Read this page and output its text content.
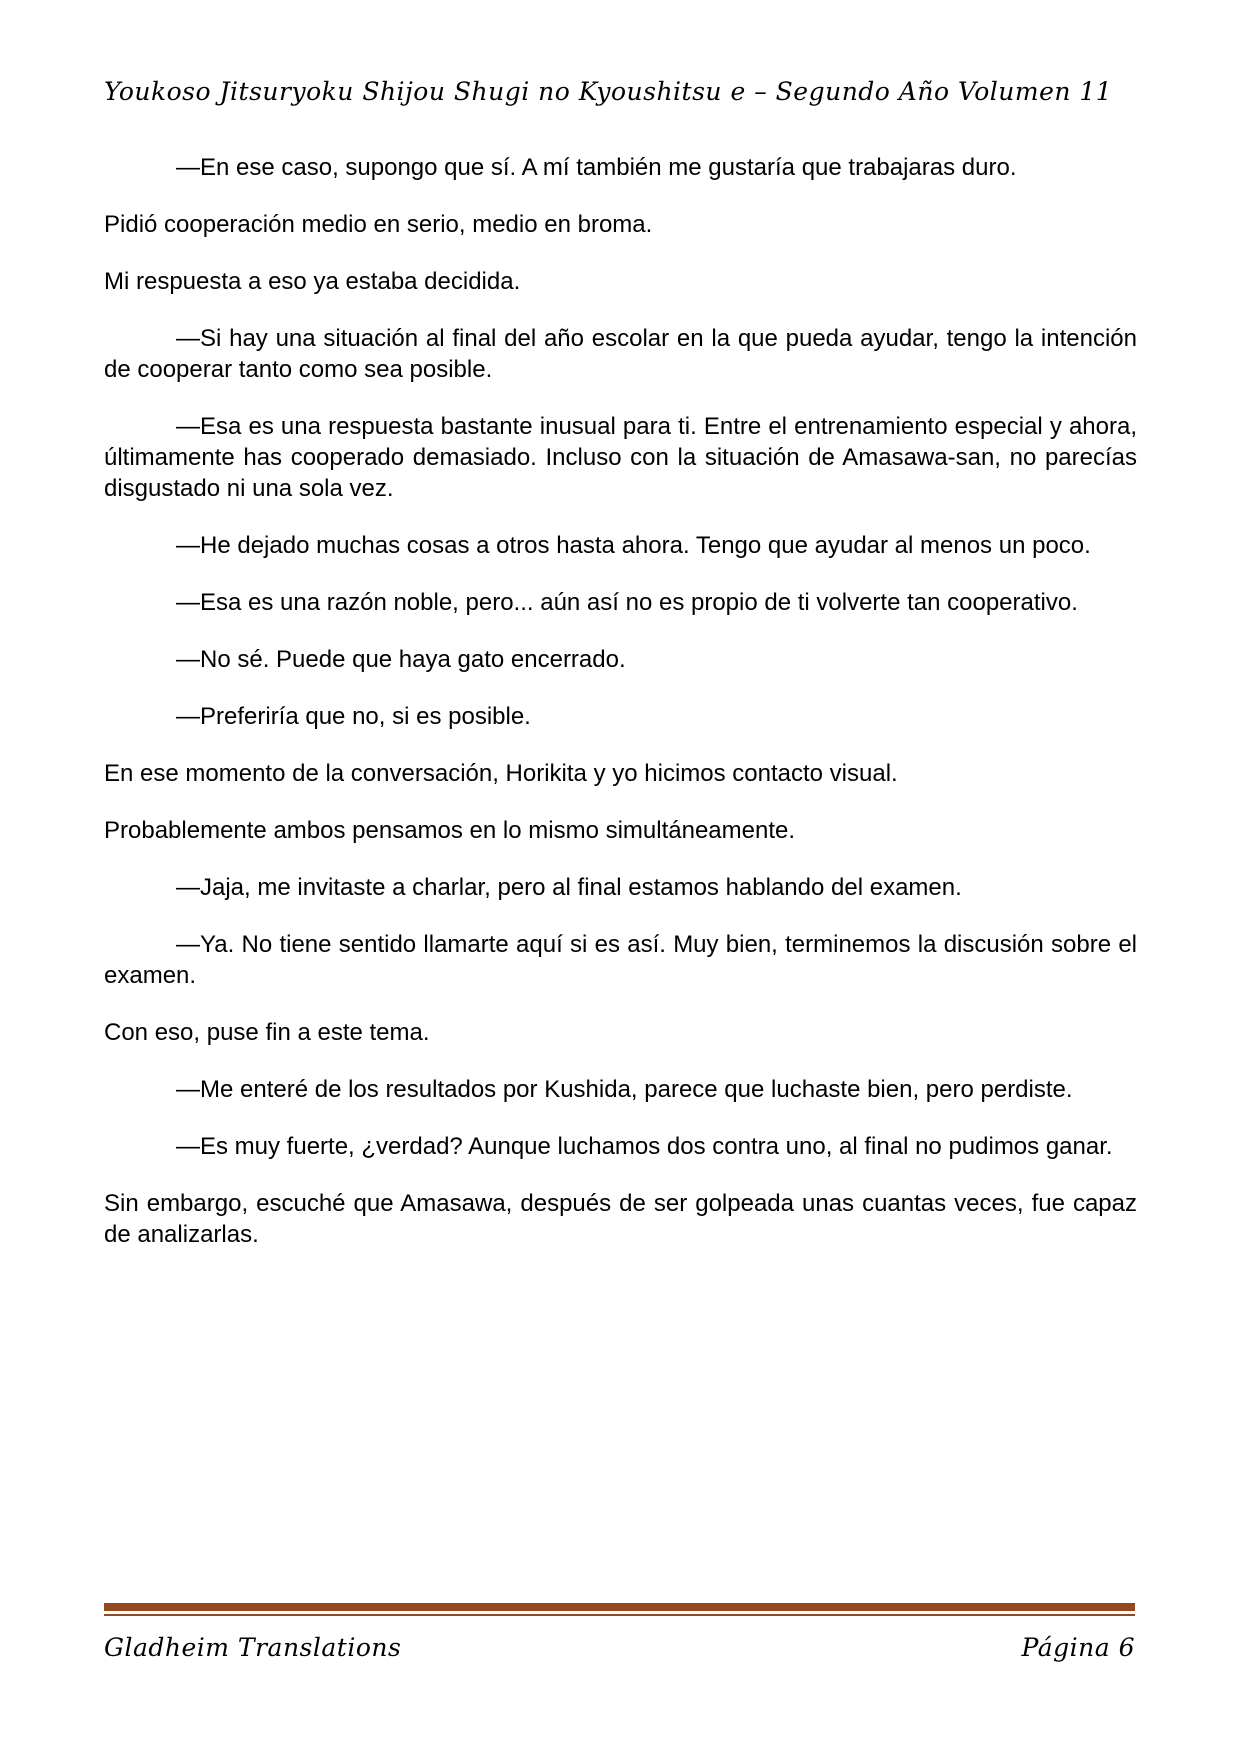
Youkoso Jitsuryoku Shijou Shugi no Kyoushitsu e – Segundo Año Volumen 11

—En ese caso, supongo que sí. A mí también me gustaría que trabajaras duro.

Pidió cooperación medio en serio, medio en broma.

Mi respuesta a eso ya estaba decidida.

—Si hay una situación al final del año escolar en la que pueda ayudar, tengo la intención de cooperar tanto como sea posible.

—Esa es una respuesta bastante inusual para ti. Entre el entrenamiento especial y ahora, últimamente has cooperado demasiado. Incluso con la situación de Amasawa-san, no parecías disgustado ni una sola vez.

—He dejado muchas cosas a otros hasta ahora. Tengo que ayudar al menos un poco.

—Esa es una razón noble, pero... aún así no es propio de ti volverte tan cooperativo.

—No sé. Puede que haya gato encerrado.

—Preferiría que no, si es posible.

En ese momento de la conversación, Horikita y yo hicimos contacto visual.

Probablemente ambos pensamos en lo mismo simultáneamente.

—Jaja, me invitaste a charlar, pero al final estamos hablando del examen.

—Ya. No tiene sentido llamarte aquí si es así. Muy bien, terminemos la discusión sobre el examen.

Con eso, puse fin a este tema.

—Me enteré de los resultados por Kushida, parece que luchaste bien, pero perdiste.

—Es muy fuerte, ¿verdad? Aunque luchamos dos contra uno, al final no pudimos ganar.

Sin embargo, escuché que Amasawa, después de ser golpeada unas cuantas veces, fue capaz de analizarlas.

Gladheim Translations	Página 6
